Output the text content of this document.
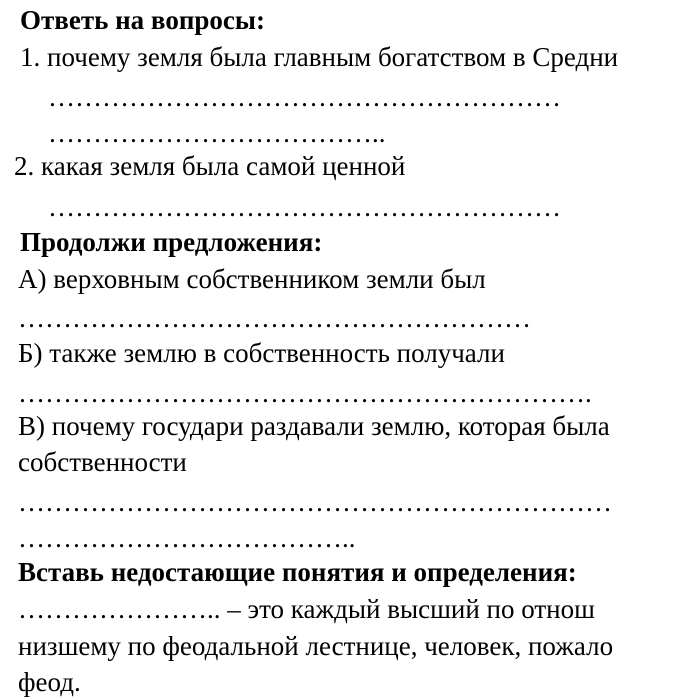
Ответь на вопросы:
1. почему земля была главным богатством в Средни
…………………………………………………
………………………………..
2. какая земля была самой ценной
…………………………………………………
Продолжи предложения:
А) верховным собственником земли был
…………………………………………………
Б) также землю в собственность получали
……………………………………………………….
В) почему государи раздавали землю, которая была
собственности
…………………………………………………………
………………………………..
Вставь недостающие понятия и определения:
………………….. – это каждый высший по отнош
низшему по феодальной лестнице, человек, пожало
феод.
